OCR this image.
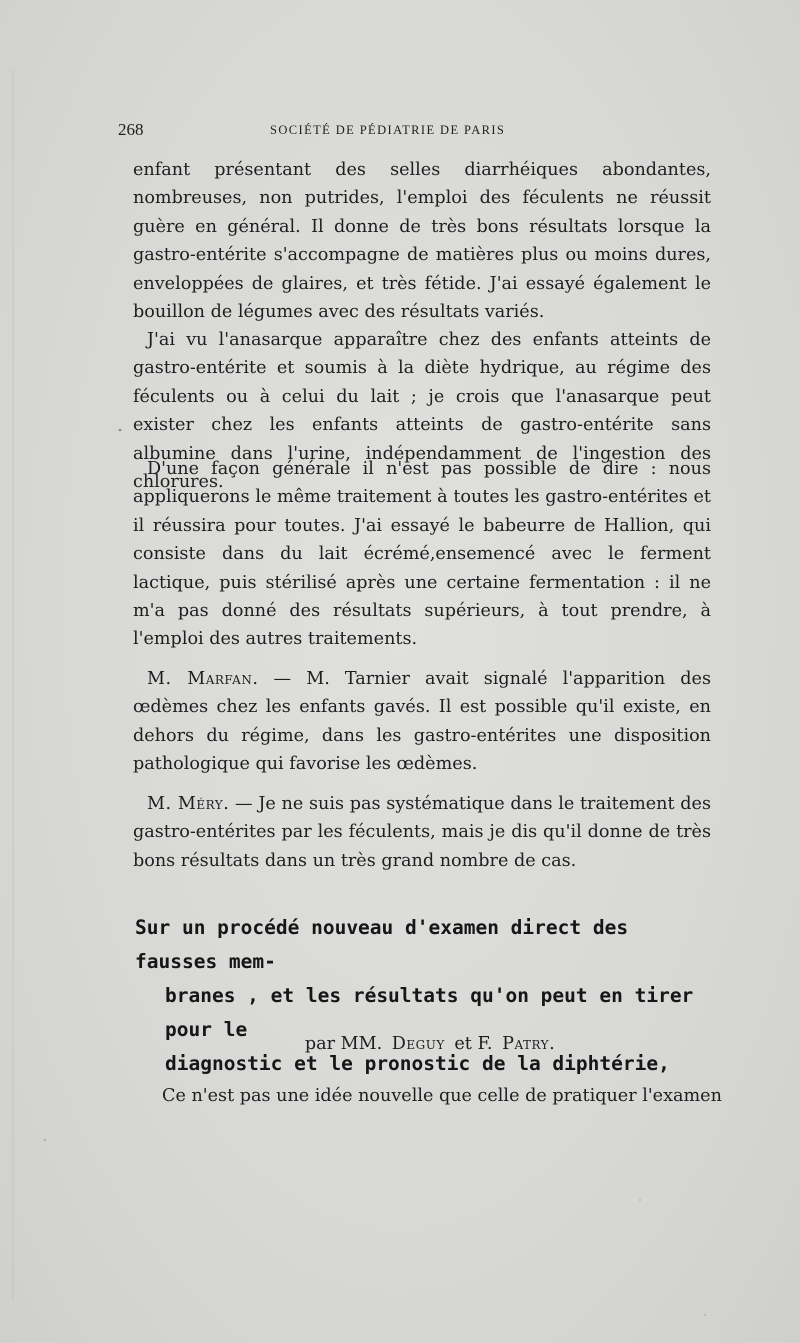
268	SOCIÉTÉ DE PÉDIATRIE DE PARIS

enfant présentant des selles diarrhéiques abondantes, nombreuses, non putrides, l'emploi des féculents ne réussit guère en général. Il donne de très bons résultats lorsque la gastro-entérite s'accompagne de matières plus ou moins dures, enveloppées de glaires, et très fétide. J'ai essayé également le bouillon de légumes avec des résultats variés.

J'ai vu l'anasarque apparaître chez des enfants atteints de gastro-entérite et soumis à la diète hydrique, au régime des féculents ou à celui du lait ; je crois que l'anasarque peut exister chez les enfants atteints de gastro-entérite sans albumine dans l'urine, indépendamment de l'ingestion des chlorures.

D'une façon générale il n'est pas possible de dire : nous appliquerons le même traitement à toutes les gastro-entérites et il réussira pour toutes. J'ai essayé le babeurre de Hallion, qui consiste dans du lait écrémé,ensemencé avec le ferment lactique, puis stérilisé après une certaine fermentation : il ne m'a pas donné des résultats supérieurs, à tout prendre, à l'emploi des autres traitements.

M. Marfan. — M. Tarnier avait signalé l'apparition des œdèmes chez les enfants gavés. Il est possible qu'il existe, en dehors du régime, dans les gastro-entérites une disposition pathologique qui favorise les œdèmes.

M. Méry. — Je ne suis pas systématique dans le traitement des gastro-entérites par les féculents, mais je dis qu'il donne de très bons résultats dans un très grand nombre de cas.

Sur un procédé nouveau d'examen direct des fausses mem-

branes , et les résultats qu'on peut en tirer pour le
diagnostic et le pronostic de la diphtérie,

par MM. Deguy et F. Patry.

Ce n'est pas une idée nouvelle que celle de pratiquer l'examen
